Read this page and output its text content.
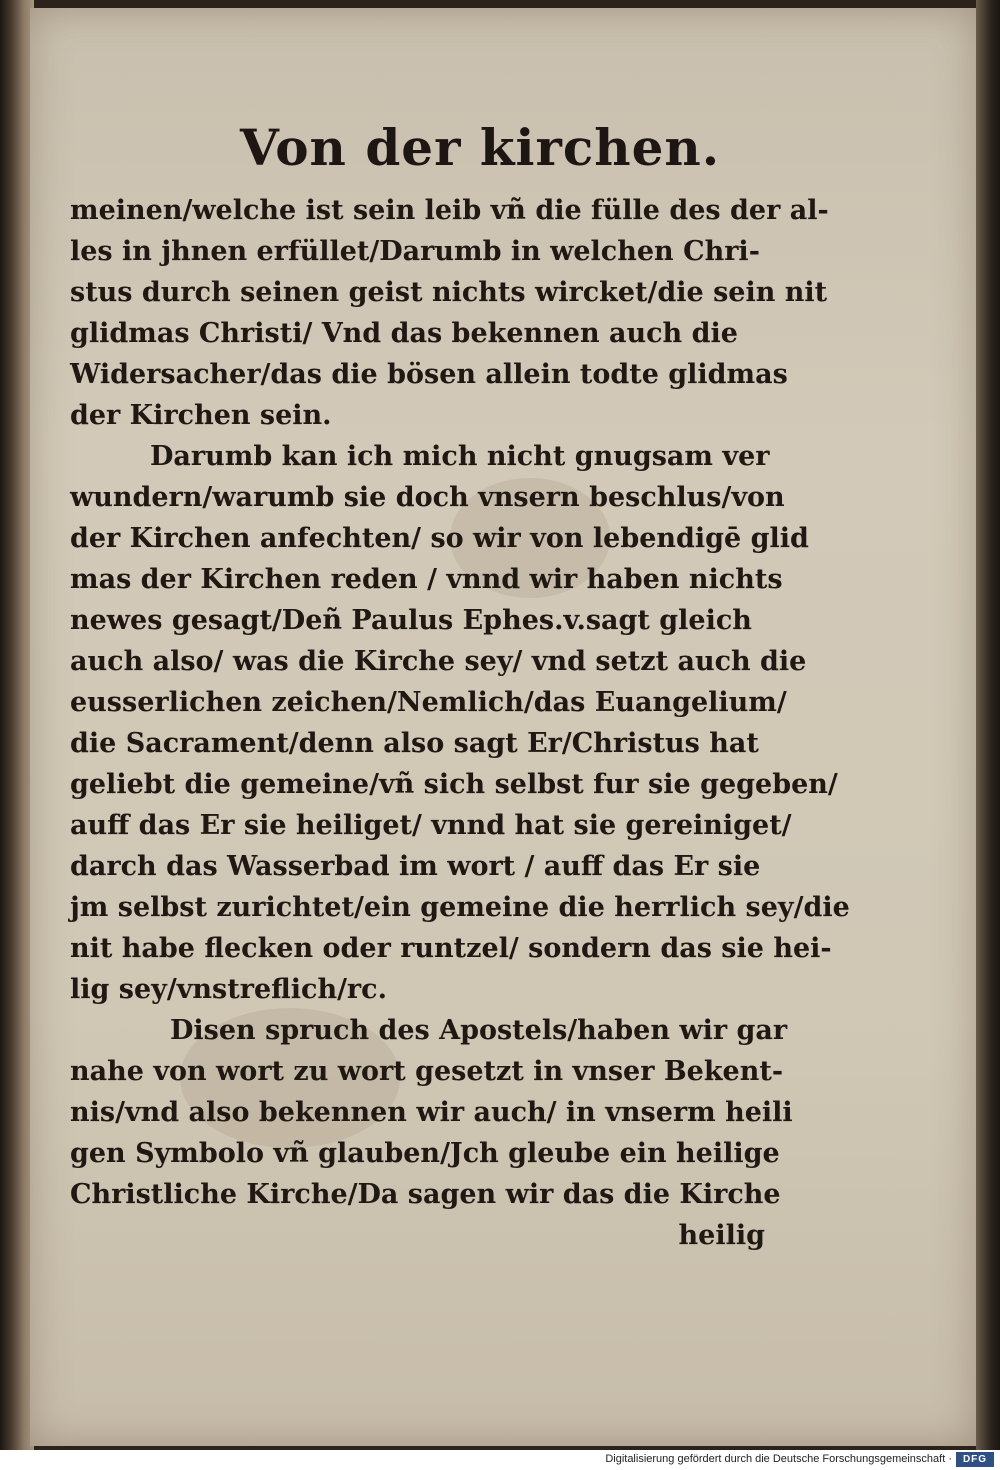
Von der kirchen.
meinen/welche ist sein leib vñ die fülle des der al-
les in jhnen erfüllet/Darumb in welchen Chri-
stus durch seinen geist nichts wircket/die sein nit
glidmas Christi/ Vnd das bekennen auch die
Widersacher/das die bösen allein todte glidmas
der Kirchen sein.
Darumb kan ich mich nicht gnugsam ver
wundern/warumb sie doch vnsern beschlus/von
der Kirchen anfechten/ so wir von lebendigē glid
mas der Kirchen reden / vnnd wir haben nichts
newes gesagt/Deñ Paulus Ephes.v.sagt gleich
auch also/ was die Kirche sey/ vnd setzt auch die
eusserlichen zeichen/Nemlich/das Euangelium/
die Sacrament/denn also sagt Er/Christus hat
geliebt die gemeine/vñ sich selbst fur sie gegeben/
auff das Er sie heiliget/ vnnd hat sie gereiniget/
darch das Wasserbad im wort / auff das Er sie
jm selbst zurichtet/ein gemeine die herrlich sey/die
nit habe flecken oder runtzel/ sondern das sie hei-
lig sey/vnstreflich/rc.
Disen spruch des Apostels/haben wir gar
nahe von wort zu wort gesetzt in vnser Bekent-
nis/vnd also bekennen wir auch/ in vnserm heili
gen Symbolo vñ glauben/Jch gleube ein heilige
Christliche Kirche/Da sagen wir das die Kirche
heilig
Digitalisierung gefördert durch die Deutsche Forschungsgemeinschaft ·	DFG
